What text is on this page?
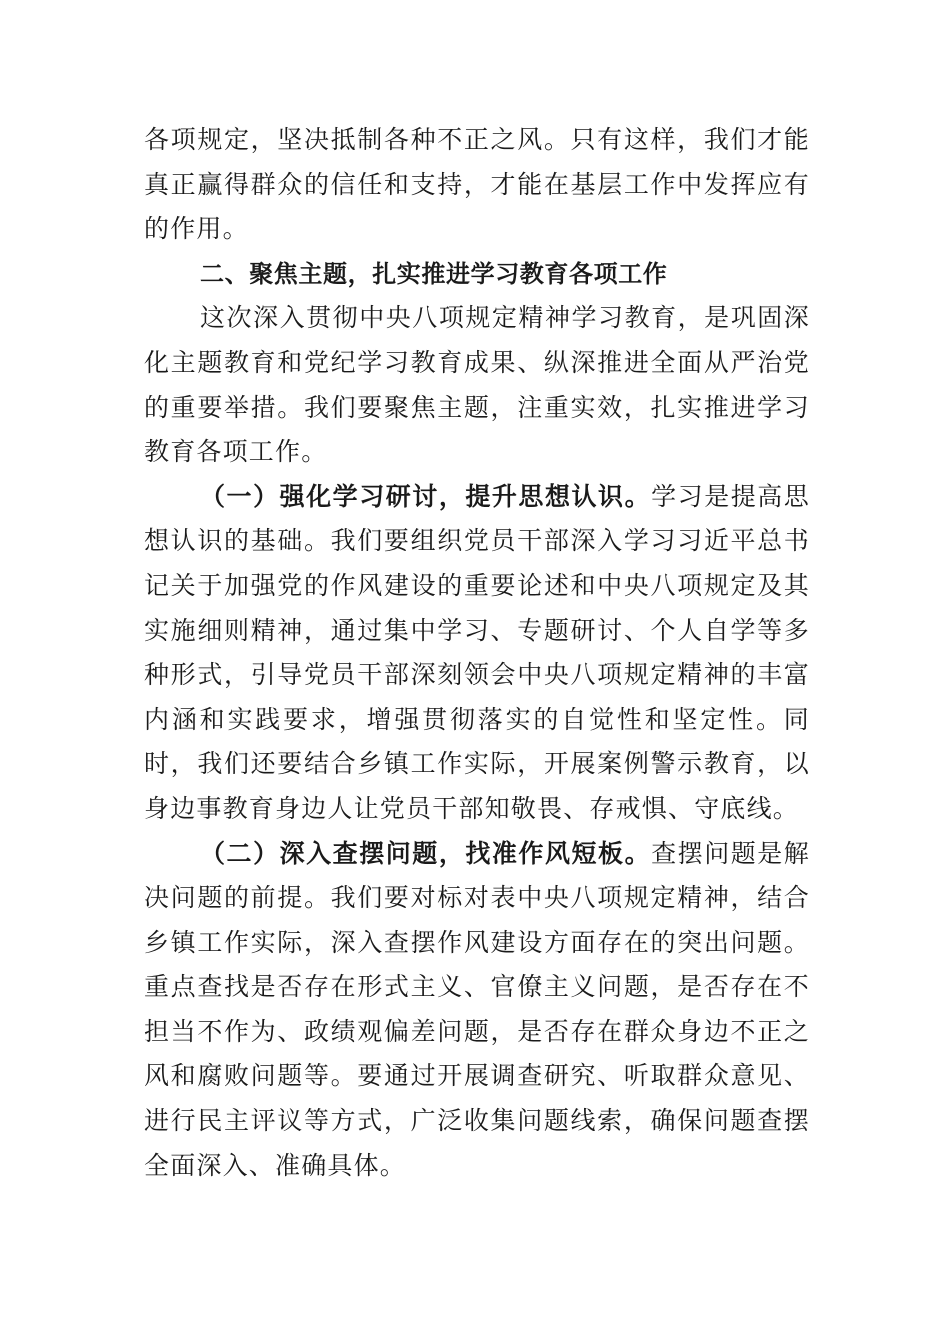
各项规定，坚决抵制各种不正之风。只有这样，我们才能真正赢得群众的信任和支持，才能在基层工作中发挥应有的作用。

二、聚焦主题，扎实推进学习教育各项工作

这次深入贯彻中央八项规定精神学习教育，是巩固深化主题教育和党纪学习教育成果、纵深推进全面从严治党的重要举措。我们要聚焦主题，注重实效，扎实推进学习教育各项工作。

（一）强化学习研讨，提升思想认识。学习是提高思想认识的基础。我们要组织党员干部深入学习习近平总书记关于加强党的作风建设的重要论述和中央八项规定及其实施细则精神，通过集中学习、专题研讨、个人自学等多种形式，引导党员干部深刻领会中央八项规定精神的丰富内涵和实践要求，增强贯彻落实的自觉性和坚定性。同时，我们还要结合乡镇工作实际，开展案例警示教育，以身边事教育身边人让党员干部知敬畏、存戒惧、守底线。

（二）深入查摆问题，找准作风短板。查摆问题是解决问题的前提。我们要对标对表中央八项规定精神，结合乡镇工作实际，深入查摆作风建设方面存在的突出问题。重点查找是否存在形式主义、官僚主义问题，是否存在不担当不作为、政绩观偏差问题，是否存在群众身边不正之风和腐败问题等。要通过开展调查研究、听取群众意见、进行民主评议等方式，广泛收集问题线索，确保问题查摆全面深入、准确具体。
